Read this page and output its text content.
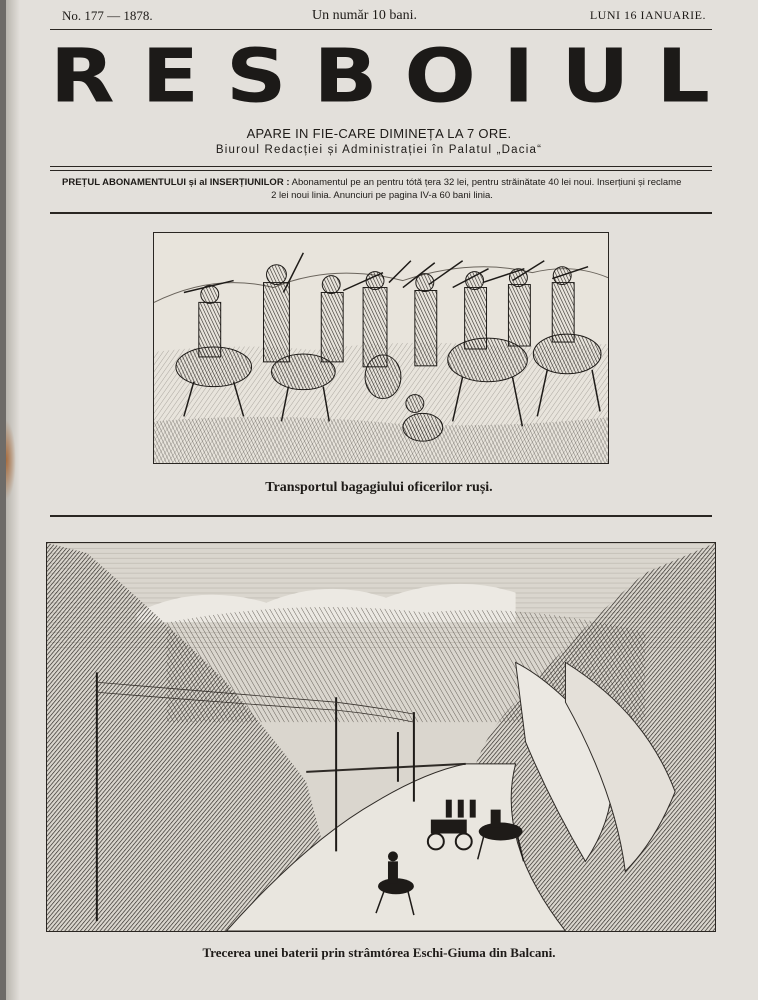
No. 177 — 1878.	Un număr 10 bani.	LUNI 16 IANUARIE.
R E S B O I U L
APARE IN FIE-CARE DIMINEȚA LA 7 ORE.
Biuroul Redacției și Administrației în Palatul „Dacia“
PREȚUL ABONAMENTULUI și al INSERȚIUNILOR : Abonamentul pe an pentru tótă țera 32 lei, pentru străinătate 40 lei noui. Inserțiuni și reclame
2 lei noui linia. Anunciuri pe pagina IV-a 60 bani linia.
Transportul bagagiului oficerilor ruși.
Trecerea unei baterii prin strâmtórea Eschi-Giuma din Balcani.
